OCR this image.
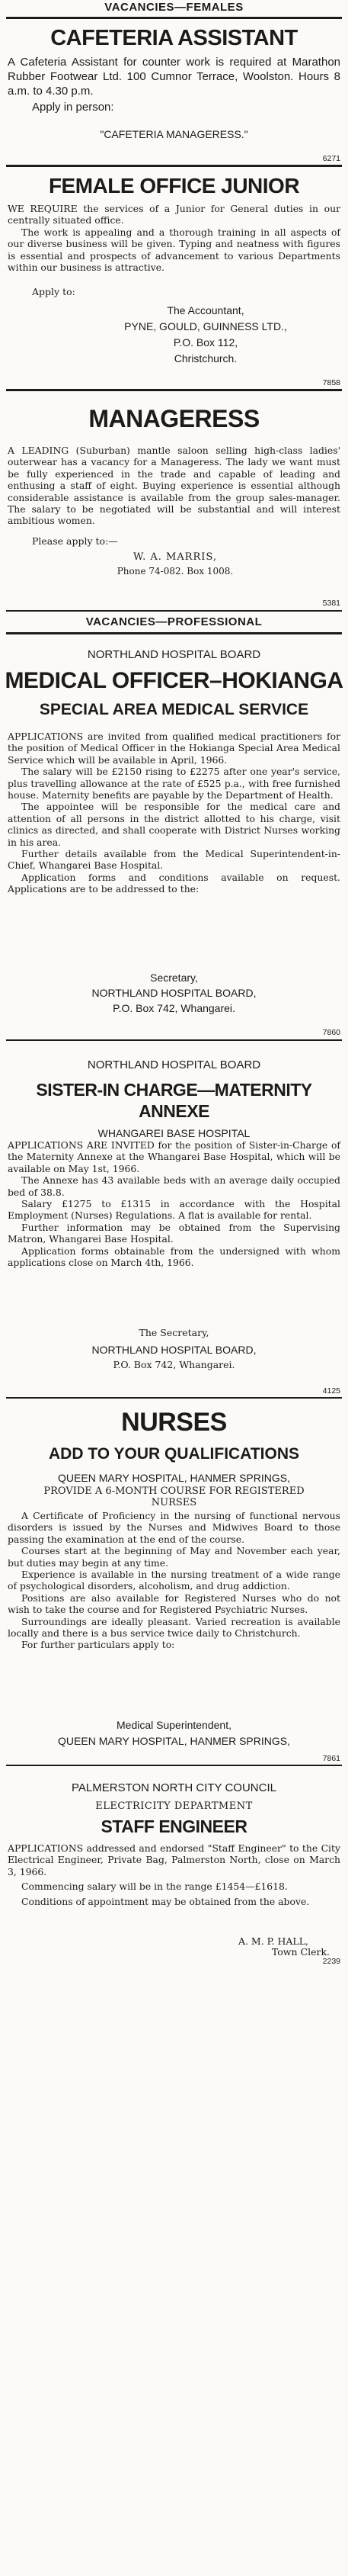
VACANCIES—FEMALES
CAFETERIA ASSISTANT
A Cafeteria Assistant for counter work is required at Marathon Rubber Footwear Ltd. 100 Cumnor Terrace, Woolston. Hours 8 a.m. to 4.30 p.m.
Apply in person:
"CAFETERIA MANAGERESS."
6271
FEMALE OFFICE JUNIOR

WE REQUIRE the services of a Junior for General duties in our centrally situated office.

The work is appealing and a thorough training in all aspects of our diverse business will be given. Typing and neatness with figures is essential and prospects of advancement to various Departments within our business is attractive.

Apply to:
The Accountant,
PYNE, GOULD, GUINNESS LTD.,
P.O. Box 112,
Christchurch.
7858
MANAGERESS

A LEADING (Suburban) mantle saloon selling high-class ladies' outerwear has a vacancy for a Manageress. The lady we want must be fully experienced in the trade and capable of leading and enthusing a staff of eight. Buying experience is essential although considerable assistance is available from the group sales-manager. The salary to be negotiated will be substantial and will interest ambitious women.

Please apply to:—
W. A. MARRIS,
Phone 74-082. Box 1008.
5381
VACANCIES—PROFESSIONAL
NORTHLAND HOSPITAL BOARD
MEDICAL OFFICER–HOKIANGA
SPECIAL AREA MEDICAL SERVICE

APPLICATIONS are invited from qualified medical practitioners for the position of Medical Officer in the Hokianga Special Area Medical Service which will be available in April, 1966.

The salary will be £2150 rising to £2275 after one year's service, plus travelling allowance at the rate of £525 p.a., with free furnished house. Maternity benefits are payable by the Department of Health.

The appointee will be responsible for the medical care and attention of all persons in the district allotted to his charge, visit clinics as directed, and shall cooperate with District Nurses working in his area.

Further details available from the Medical Superintendent-in-Chief, Whangarei Base Hospital.

Application forms and conditions available on request. Applications are to be addressed to the:

Secretary,
NORTHLAND HOSPITAL BOARD,
P.O. Box 742, Whangarei.
7860
NORTHLAND HOSPITAL BOARD
SISTER-IN CHARGE—MATERNITY
ANNEXE
WHANGAREI BASE HOSPITAL

APPLICATIONS ARE INVITED for the position of Sister-in-Charge of the Maternity Annexe at the Whangarei Base Hospital, which will be available on May 1st, 1966.

The Annexe has 43 available beds with an average daily occupied bed of 38.8.

Salary £1275 to £1315 in accordance with the Hospital Employment (Nurses) Regulations. A flat is available for rental.

Further information may be obtained from the Supervising Matron, Whangarei Base Hospital.

Application forms obtainable from the undersigned with whom applications close on March 4th, 1966.

The Secretary,
NORTHLAND HOSPITAL BOARD,
P.O. Box 742, Whangarei.
4125
NURSES
ADD TO YOUR QUALIFICATIONS
QUEEN MARY HOSPITAL, HANMER SPRINGS,
PROVIDE A 6-MONTH COURSE FOR REGISTERED
NURSES

A Certificate of Proficiency in the nursing of functional nervous disorders is issued by the Nurses and Midwives Board to those passing the examination at the end of the course.

Courses start at the beginning of May and November each year, but duties may begin at any time.

Experience is available in the nursing treatment of a wide range of psychological disorders, alcoholism, and drug addiction.

Positions are also available for Registered Nurses who do not wish to take the course and for Registered Psychiatric Nurses.

Surroundings are ideally pleasant. Varied recreation is available locally and there is a bus service twice daily to Christchurch.

For further particulars apply to:

Medical Superintendent,
QUEEN MARY HOSPITAL, HANMER SPRINGS,
7861
PALMERSTON NORTH CITY COUNCIL
ELECTRICITY DEPARTMENT
STAFF ENGINEER

APPLICATIONS addressed and endorsed "Staff Engineer" to the City Electrical Engineer, Private Bag, Palmerston North, close on March 3, 1966.

Commencing salary will be in the range £1454—£1618.

Conditions of appointment may be obtained from the above.

A. M. P. HALL,
Town Clerk.
2239
